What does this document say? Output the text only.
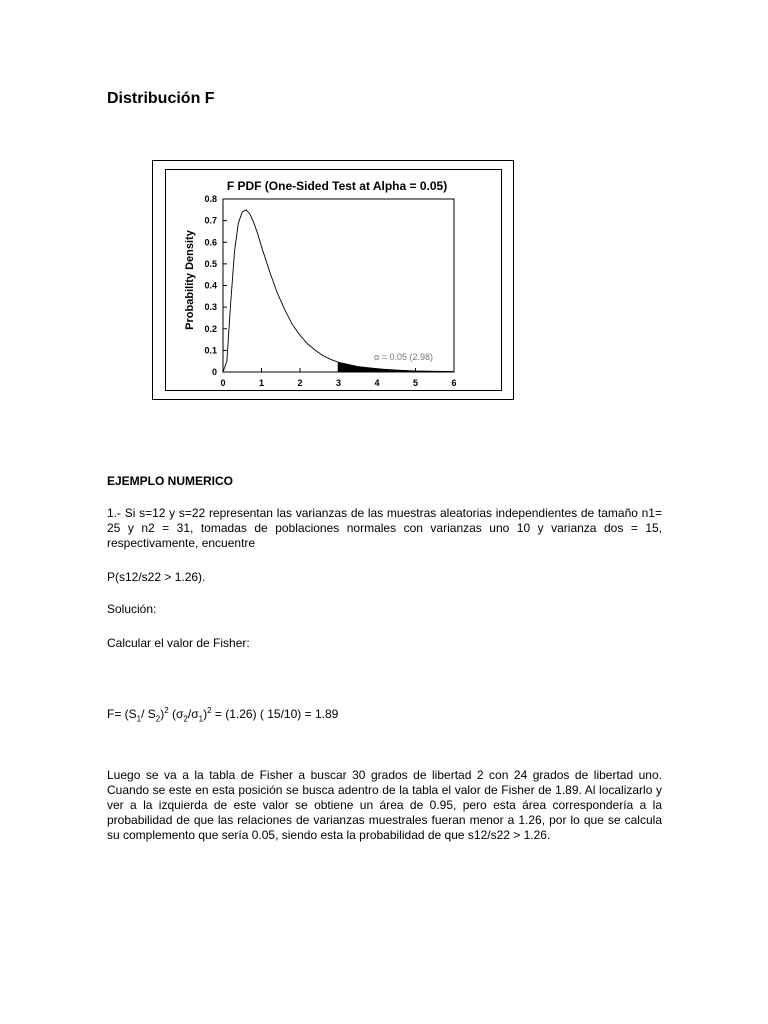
Distribución F
F PDF (One-Sided Test at Alpha = 0.05)
Probability Density
0	1	2	3	4	5	6
0
0.1
0.2
0.3
0.4
0.5
0.6
0.7
0.8
α = 0.05 (2.98)

EJEMPLO NUMERICO

1.- Si s=12 y s=22 representan las varianzas de las muestras aleatorias independientes de tamaño n1= 25 y n2 = 31, tomadas de poblaciones normales con varianzas uno 10 y varianza dos = 15, respectivamente, encuentre

P(s12/s22 > 1.26).

Solución:

Calcular el valor de Fisher:

$F= (S_1/$ $S_2)^2$ $(\sigma_2/\sigma_1)^2 = (1.26)$ ( 15/10) = 1.89

Luego se va a la tabla de Fisher a buscar 30 grados de libertad 2 con 24 grados de libertad uno. Cuando se este en esta posición se busca adentro de la tabla el valor de Fisher de 1.89. Al localizarlo y ver a la izquierda de este valor se obtiene un área de 0.95, pero esta área correspondería a la probabilidad de que las relaciones de varianzas muestrales fueran menor a 1.26, por lo que se calcula su complemento que sería 0.05, siendo esta la probabilidad de que s12/s22 > 1.26.
